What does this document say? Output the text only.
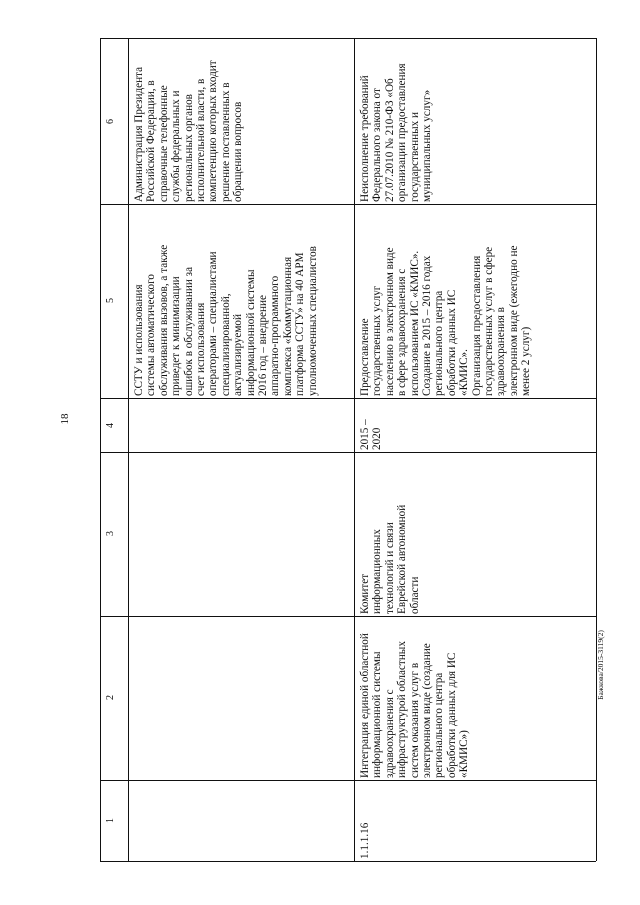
18
Бажкова/2015-3119(2)
6
5
4
3
2
1
Администрация Президента
Российской Федерации, в
справочные телефонные
службы федеральных и
региональных органов
исполнительной власти, в
компетенцию которых входит
решение поставленных в
обращении вопросов
ССТУ и использования
системы автоматического
обслуживания вызовов, а также
приведет к минимизации
ошибок в обслуживании за
счет использования
операторами – специалистами
специализированной,
актуализируемой
информационной системы
2016 год – внедрение
аппаратно-программного
комплекса «Коммутационная
платформа ССТУ» на 40 АРМ
уполномоченных специалистов
Неисполнение требований
Федерального закона от
27.07.2010 № 210-ФЗ «Об
организации предоставления
государственных и
муниципальных услуг»
Предоставление
государственных услуг
населению в электронном виде
в сфере здравоохранения с
использованием ИС «КМИС».
Создание в 2015 – 2016 годах
регионального центра
обработки данных ИС
«КМИС».
Организация предоставления
государственных услуг в сфере
здравоохранения в
электронном виде (ежегодно не
менее 2 услуг)
2015 –
2020
Комитет
информационных
технологий и связи
Еврейской автономной
области
Интеграция единой областной
информационной системы
здравоохранения с
инфраструктурой областных
систем оказания услуг в
электронном виде (создание
регионального центра
обработки данных для ИС
«КМИС»)
1.1.1.16
